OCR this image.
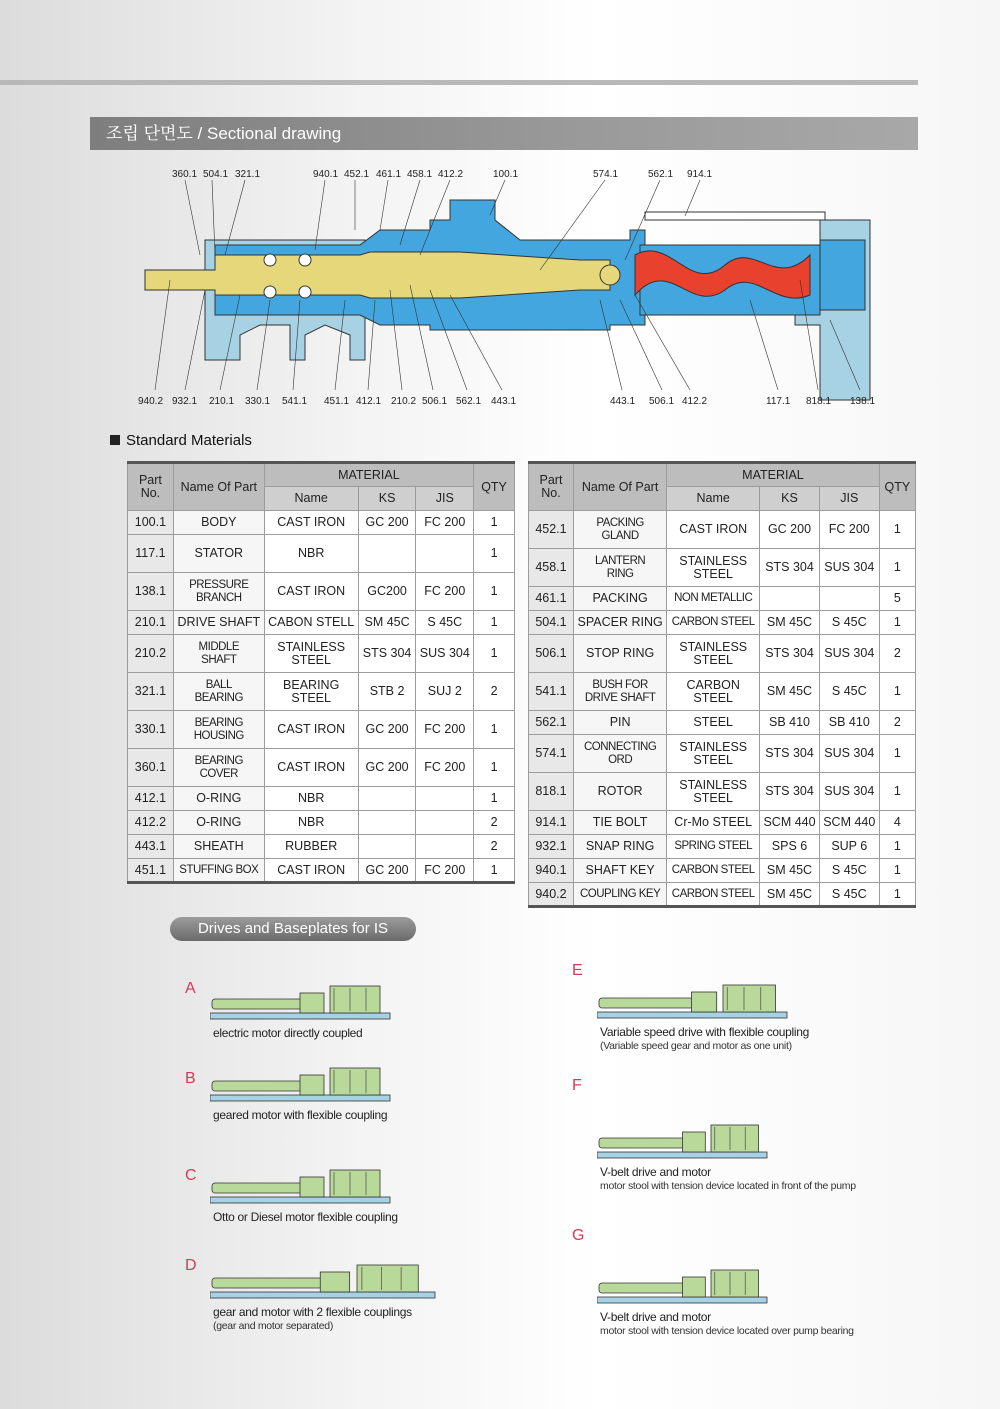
조립 단면도 / Sectional drawing
360.1 504.1 321.1	940.1 452.1 461.1 458.1 412.2	100.1	574.1	562.1 914.1
940.2 932.1 210.1 330.1 541.1 451.1 412.1 210.2 506.1 562.1 443.1	443.1 506.1 412.2	117.1 818.1 138.1
Standard Materials
Part No.	Name Of Part	MATERIAL			QTY
		Name	KS	JIS	
100.1	BODY	CAST IRON	GC 200	FC 200	1
117.1	STATOR	NBR			1
138.1	PRESSURE BRANCH	CAST IRON	GC200	FC 200	1
210.1	DRIVE SHAFT	CABON STELL	SM 45C	S 45C	1
210.2	MIDDLE SHAFT	STAINLESS STEEL	STS 304	SUS 304	1
321.1	BALL BEARING	BEARING STEEL	STB 2	SUJ 2	2
330.1	BEARING HOUSING	CAST IRON	GC 200	FC 200	1
360.1	BEARING COVER	CAST IRON	GC 200	FC 200	1
412.1	O-RING	NBR			1
412.2	O-RING	NBR			2
443.1	SHEATH	RUBBER			2
451.1	STUFFING BOX	CAST IRON	GC 200	FC 200	1
Part No.	Name Of Part	MATERIAL			QTY
		Name	KS	JIS	
452.1	PACKING GLAND	CAST IRON	GC 200	FC 200	1
458.1	LANTERN RING	STAINLESS STEEL	STS 304	SUS 304	1
461.1	PACKING	NON METALLIC			5
504.1	SPACER RING	CARBON STEEL	SM 45C	S 45C	1
506.1	STOP RING	STAINLESS STEEL	STS 304	SUS 304	2
541.1	BUSH FOR DRIVE SHAFT	CARBON STEEL	SM 45C	S 45C	1
562.1	PIN	STEEL	SB 410	SB 410	2
574.1	CONNECTING ORD	STAINLESS STEEL	STS 304	SUS 304	1
818.1	ROTOR	STAINLESS STEEL	STS 304	SUS 304	1
914.1	TIE BOLT	Cr-Mo STEEL	SCM 440	SCM 440	4
932.1	SNAP RING	SPRING STEEL	SPS 6	SUP 6	1
940.1	SHAFT KEY	CARBON STEEL	SM 45C	S 45C	1
940.2	COUPLING KEY	CARBON STEEL	SM 45C	S 45C	1
Drives and Baseplates for IS
A
electric motor directly coupled
B
geared motor with flexible coupling
C
Otto or Diesel motor flexible coupling
D
gear and motor with 2 flexible couplings
(gear and motor separated)
E
Variable speed drive with flexible coupling
(Variable speed gear and motor as one unit)
F
V-belt drive and motor
motor stool with tension device located in front of the pump
G
V-belt drive and motor
motor stool with tension device located over pump bearing
